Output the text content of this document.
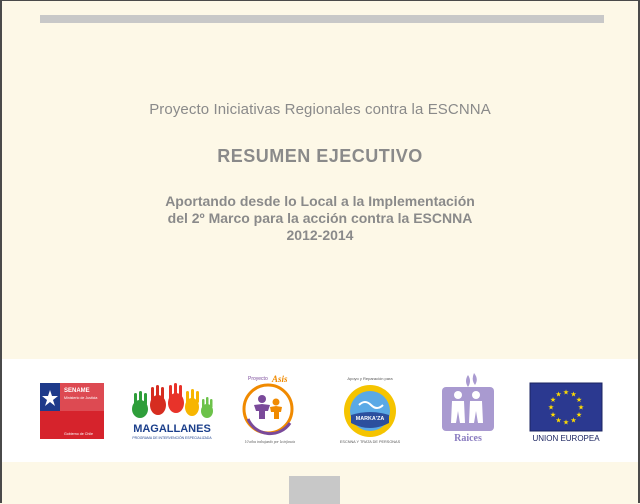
Proyecto Iniciativas Regionales contra la ESCNNA
RESUMEN EJECUTIVO
Aportando desde lo Local a la Implementación
del 2º Marco para la acción contra la ESCNNA
2012-2014
SENAME
Ministerio de Justicia
Gobierno de Chile	MAGALLANES
PROGRAMA DE INTERVENCIÓN ESPECIALIZADA
Proyecto Asis
10 años trabajando por la infancia
Apoyo y Reparación para
MARKA'ZA
ESCNNA Y TRATA DE PERSONAS	Raices
★ ★
★
★
★
★
★
★
★
★
★
★
UNION EUROPEA
